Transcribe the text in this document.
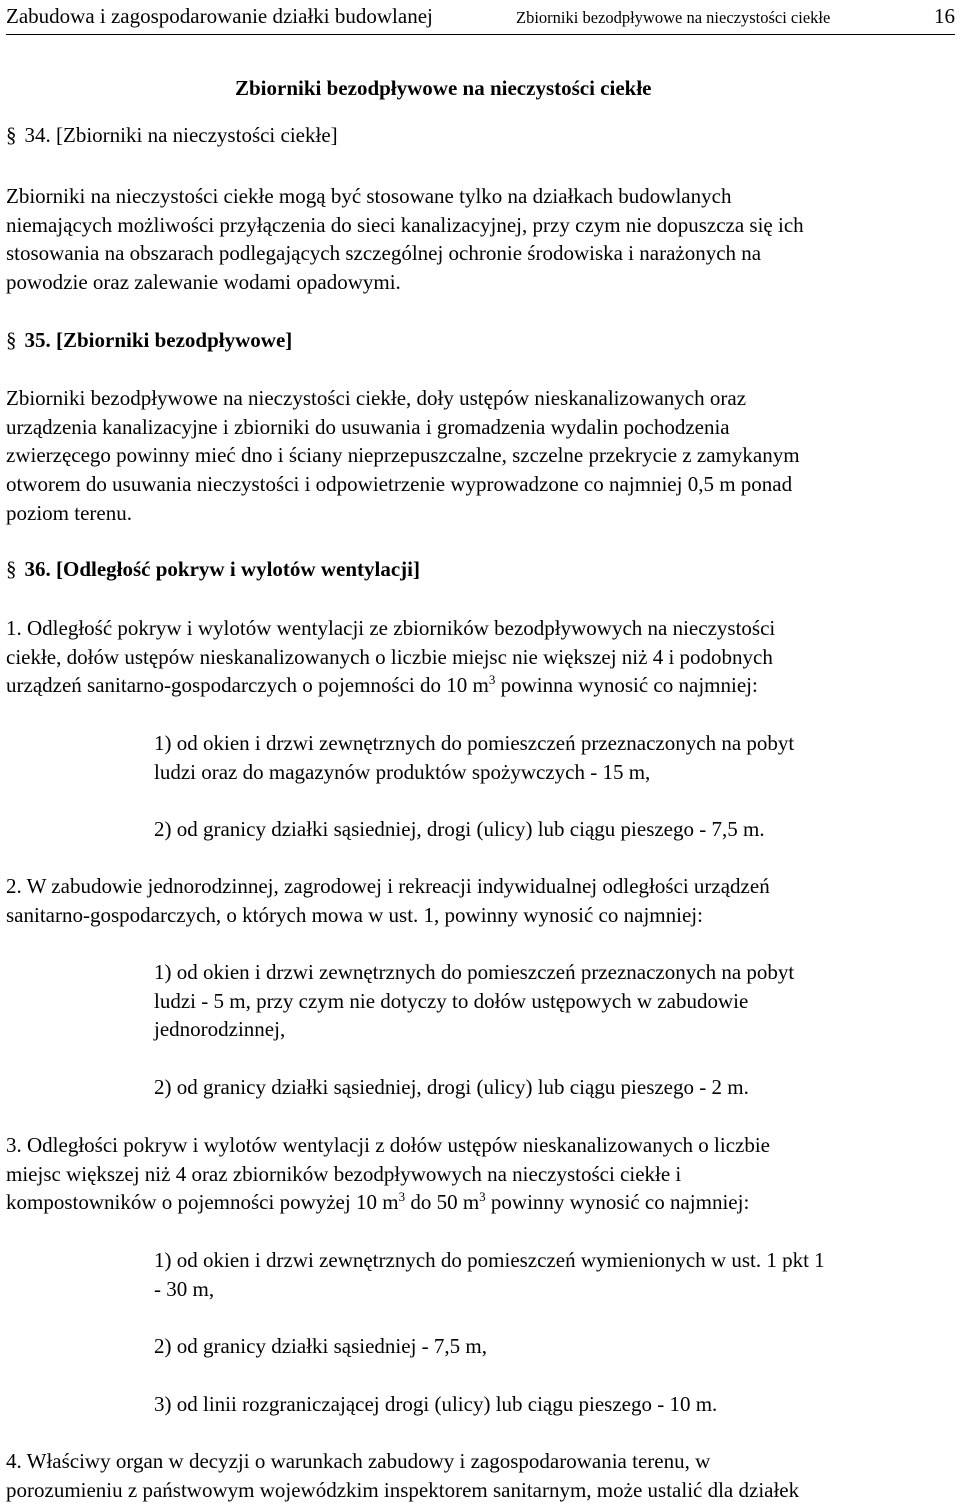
Zabudowa i zagospodarowanie działki budowlanej	Zbiorniki bezodpływowe na nieczystości ciekłe	16
Zbiorniki bezodpływowe na nieczystości ciekłe
§ 34. [Zbiorniki na nieczystości ciekłe]
Zbiorniki na nieczystości ciekłe mogą być stosowane tylko na działkach budowlanych
niemających możliwości przyłączenia do sieci kanalizacyjnej, przy czym nie dopuszcza się ich
stosowania na obszarach podlegających szczególnej ochronie środowiska i narażonych na
powodzie oraz zalewanie wodami opadowymi.
§ 35. [Zbiorniki bezodpływowe]
Zbiorniki bezodpływowe na nieczystości ciekłe, doły ustępów nieskanalizowanych oraz
urządzenia kanalizacyjne i zbiorniki do usuwania i gromadzenia wydalin pochodzenia
zwierzęcego powinny mieć dno i ściany nieprzepuszczalne, szczelne przekrycie z zamykanym
otworem do usuwania nieczystości i odpowietrzenie wyprowadzone co najmniej 0,5 m ponad
poziom terenu.
§ 36. [Odległość pokryw i wylotów wentylacji]
1. Odległość pokryw i wylotów wentylacji ze zbiorników bezodpływowych na nieczystości
ciekłe, dołów ustępów nieskanalizowanych o liczbie miejsc nie większej niż 4 i podobnych
urządzeń sanitarno-gospodarczych o pojemności do 10 $m^3$ powinna wynosić co najmniej:
1) od okien i drzwi zewnętrznych do pomieszczeń przeznaczonych na pobyt
ludzi oraz do magazynów produktów spożywczych - 15 m,
2) od granicy działki sąsiedniej, drogi (ulicy) lub ciągu pieszego - 7,5 m.
2. W zabudowie jednorodzinnej, zagrodowej i rekreacji indywidualnej odległości urządzeń
sanitarno-gospodarczych, o których mowa w ust. 1, powinny wynosić co najmniej:
1) od okien i drzwi zewnętrznych do pomieszczeń przeznaczonych na pobyt
ludzi - 5 m, przy czym nie dotyczy to dołów ustępowych w zabudowie
jednorodzinnej,
2) od granicy działki sąsiedniej, drogi (ulicy) lub ciągu pieszego - 2 m.
3. Odległości pokryw i wylotów wentylacji z dołów ustępów nieskanalizowanych o liczbie
miejsc większej niż 4 oraz zbiorników bezodpływowych na nieczystości ciekłe i
kompostowników o pojemności powyżej 10 $m^3$ do 50 $m^3$ powinny wynosić co najmniej:
1) od okien i drzwi zewnętrznych do pomieszczeń wymienionych w ust. 1 pkt 1
- 30 m,
2) od granicy działki sąsiedniej - 7,5 m,
3) od linii rozgraniczającej drogi (ulicy) lub ciągu pieszego - 10 m.
4. Właściwy organ w decyzji o warunkach zabudowy i zagospodarowania terenu, w
porozumieniu z państwowym wojewódzkim inspektorem sanitarnym, może ustalić dla działek
